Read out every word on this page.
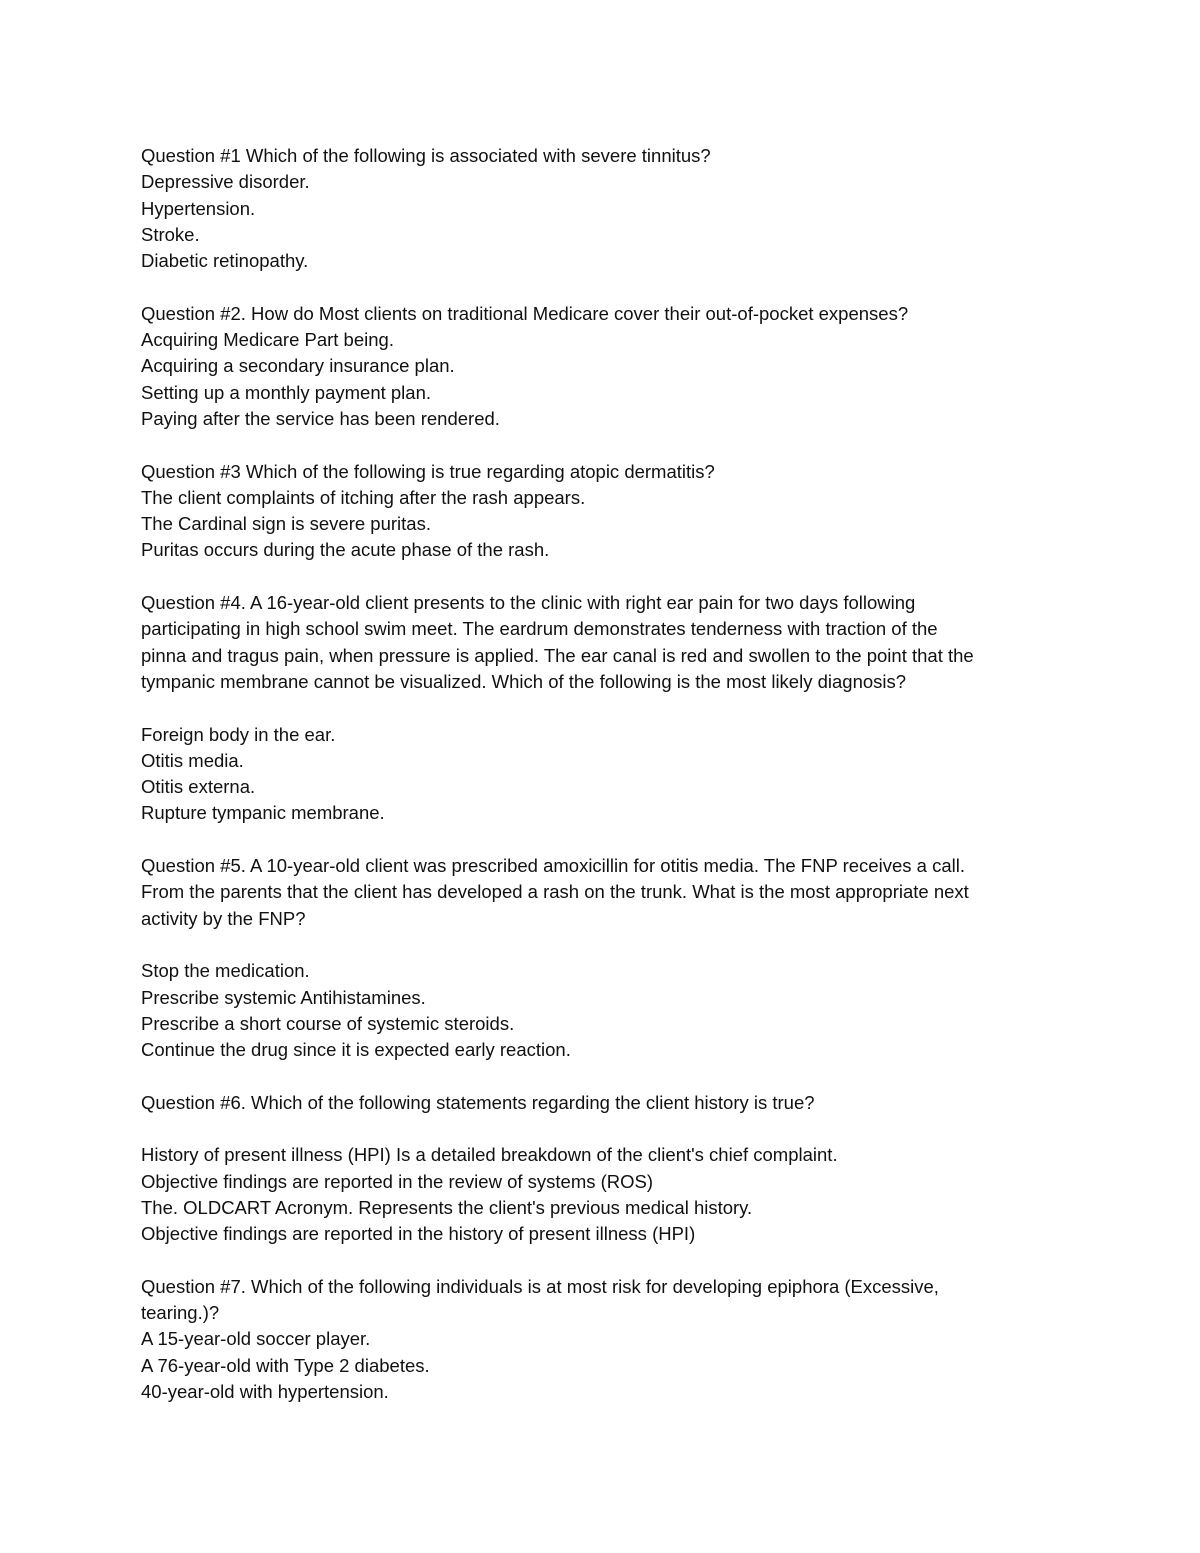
Question #1 Which of the following is associated with severe tinnitus?

Depressive disorder.

Hypertension.

Stroke.

Diabetic retinopathy.

Question #2. How do Most clients on traditional Medicare cover their out-of-pocket expenses?

Acquiring Medicare Part being.

Acquiring a secondary insurance plan.

Setting up a monthly payment plan.

Paying after the service has been rendered.

Question #3 Which of the following is true regarding atopic dermatitis?

The client complaints of itching after the rash appears.

The Cardinal sign is severe puritas.

Puritas occurs during the acute phase of the rash.

Question #4. A 16-year-old client presents to the clinic with right ear pain for two days following

participating in high school swim meet. The eardrum demonstrates tenderness with traction of the

pinna and tragus pain, when pressure is applied. The ear canal is red and swollen to the point that the

tympanic membrane cannot be visualized. Which of the following is the most likely diagnosis?

Foreign body in the ear.

Otitis media.

Otitis externa.

Rupture tympanic membrane.

Question #5. A 10-year-old client was prescribed amoxicillin for otitis media. The FNP receives a call.

From the parents that the client has developed a rash on the trunk. What is the most appropriate next

activity by the FNP?

Stop the medication.

Prescribe systemic Antihistamines.

Prescribe a short course of systemic steroids.

Continue the drug since it is expected early reaction.

Question #6. Which of the following statements regarding the client history is true?

History of present illness (HPI) Is a detailed breakdown of the client's chief complaint.

Objective findings are reported in the review of systems (ROS)

The. OLDCART Acronym. Represents the client's previous medical history.

Objective findings are reported in the history of present illness (HPI)

Question #7. Which of the following individuals is at most risk for developing epiphora (Excessive,

tearing.)?

A 15-year-old soccer player.

A 76-year-old with Type 2 diabetes.

40-year-old with hypertension.
